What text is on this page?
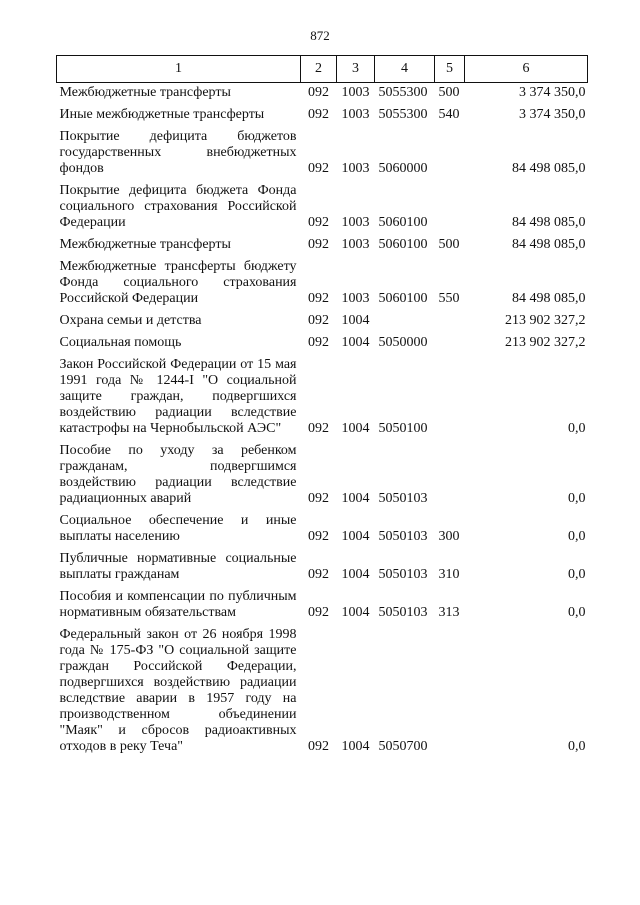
872
1	2	3	4	5	6
Межбюджетные трансферты	092	1003	5055300	500	3 374 350,0
Иные межбюджетные трансферты	092	1003	5055300	540	3 374 350,0
Покрытие дефицита бюджетов государственных внебюджетных фондов	092	1003	5060000		84 498 085,0
Покрытие дефицита бюджета Фонда социального страхования Российской Федерации	092	1003	5060100		84 498 085,0
Межбюджетные трансферты	092	1003	5060100	500	84 498 085,0
Межбюджетные трансферты бюджету Фонда социального страхования Российской Федерации	092	1003	5060100	550	84 498 085,0
Охрана семьи и детства	092	1004			213 902 327,2
Социальная помощь	092	1004	5050000		213 902 327,2
Закон Российской Федерации от 15 мая 1991 года № 1244-I "О социальной защите граждан, подвергшихся воздействию радиации вследствие катастрофы на Чернобыльской АЭС"	092	1004	5050100		0,0
Пособие по уходу за ребенком гражданам, подвергшимся воздействию радиации вследствие радиационных аварий	092	1004	5050103		0,0
Социальное обеспечение и иные выплаты населению	092	1004	5050103	300	0,0
Публичные нормативные социальные выплаты гражданам	092	1004	5050103	310	0,0
Пособия и компенсации по публичным нормативным обязательствам	092	1004	5050103	313	0,0
Федеральный закон от 26 ноября 1998 года № 175-ФЗ "О социальной защите граждан Российской Федерации, подвергшихся воздействию радиации вследствие аварии в 1957 году на производственном объединении "Маяк" и сбросов радиоактивных отходов в реку Теча"	092	1004	5050700		0,0
